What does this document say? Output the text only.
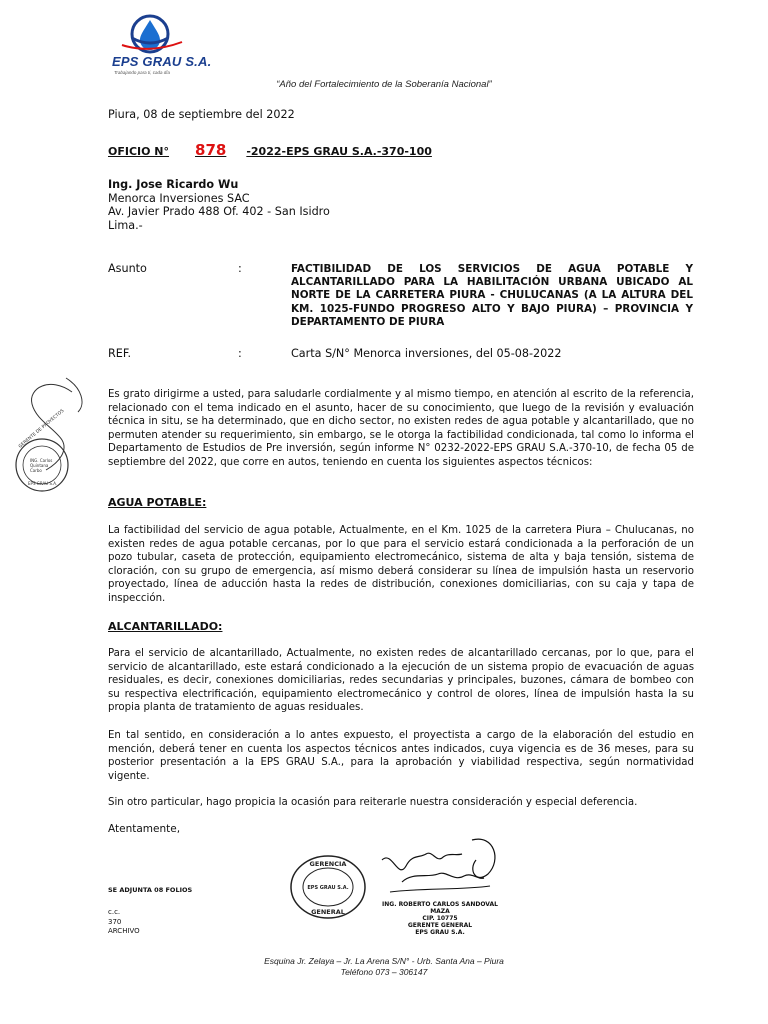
EPS GRAU S.A.
Trabajando para ti, cada día
“Año del Fortalecimiento de la Soberanía Nacional”
Piura, 08 de septiembre del 2022
OFICIO N° 878 -2022-EPS GRAU S.A.-370-100
Ing. Jose Ricardo Wu
Menorca Inversiones SAC
Av. Javier Prado 488 Of. 402 - San Isidro
Lima.-
Asunto	:	FACTIBILIDAD DE LOS SERVICIOS DE AGUA POTABLE Y ALCANTARILLADO PARA LA HABILITACIÓN URBANA UBICADO AL NORTE DE LA CARRETERA PIURA - CHULUCANAS (A LA ALTURA DEL KM. 1025-FUNDO PROGRESO ALTO Y BAJO PIURA) – PROVINCIA Y DEPARTAMENTO DE PIURA
REF.	:	Carta S/N° Menorca inversiones, del 05-08-2022
Es grato dirigirme a usted, para saludarle cordialmente y al mismo tiempo, en atención al escrito de la referencia, relacionado con el tema indicado en el asunto, hacer de su conocimiento, que luego de la revisión y evaluación técnica in situ, se ha determinado, que en dicho sector, no existen redes de agua potable y alcantarillado, que no permuten atender su requerimiento, sin embargo, se le otorga la factibilidad condicionada, tal como lo informa el Departamento de Estudios de Pre inversión, según informe N° 0232-2022-EPS GRAU S.A.-370-10, de fecha 05 de septiembre del 2022, que corre en autos, teniendo en cuenta los siguientes aspectos técnicos:
AGUA POTABLE:
La factibilidad del servicio de agua potable, Actualmente, en el Km. 1025 de la carretera Piura – Chulucanas, no existen redes de agua potable cercanas, por lo que para el servicio estará condicionada a la perforación de un pozo tubular, caseta de protección, equipamiento electromecánico, sistema de alta y baja tensión, sistema de cloración, con su grupo de emergencia, así mismo deberá considerar su línea de impulsión hasta un reservorio proyectado, línea de aducción hasta la redes de distribución, conexiones domiciliarias, con su caja y tapa de inspección.
ALCANTARILLADO:
Para el servicio de alcantarillado, Actualmente, no existen redes de alcantarillado cercanas, por lo que, para el servicio de alcantarillado, este estará condicionado a la ejecución de un sistema propio de evacuación de aguas residuales, es decir, conexiones domiciliarias, redes secundarias y principales, buzones, cámara de bombeo con su respectiva electrificación, equipamiento electromecánico y control de olores, línea de impulsión hasta la su propia planta de tratamiento de aguas residuales.
En tal sentido, en consideración a lo antes expuesto, el proyectista a cargo de la elaboración del estudio en mención, deberá tener en cuenta los aspectos técnicos antes indicados, cuya vigencia es de 36 meses, para su posterior presentación a la EPS GRAU S.A., para la aprobación y viabilidad respectiva, según normatividad vigente.
Sin otro particular, hago propicia la ocasión para reiterarle nuestra consideración y especial deferencia.
Atentamente,
SE ADJUNTA 08 FOLIOS
c.c.
370
ARCHIVO
GERENTE DE PROYECTOS
ING. Carlos
Quintana
Carbo
EPS GRAU S.A.
GERENCIA
EPS GRAU S.A.
GENERAL
ING. ROBERTO CARLOS SANDOVAL MAZA
CIP. 10775
GERENTE GENERAL
EPS GRAU S.A.
Esquina Jr. Zelaya – Jr. La Arena S/N° - Urb. Santa Ana – Piura
Teléfono 073 – 306147
